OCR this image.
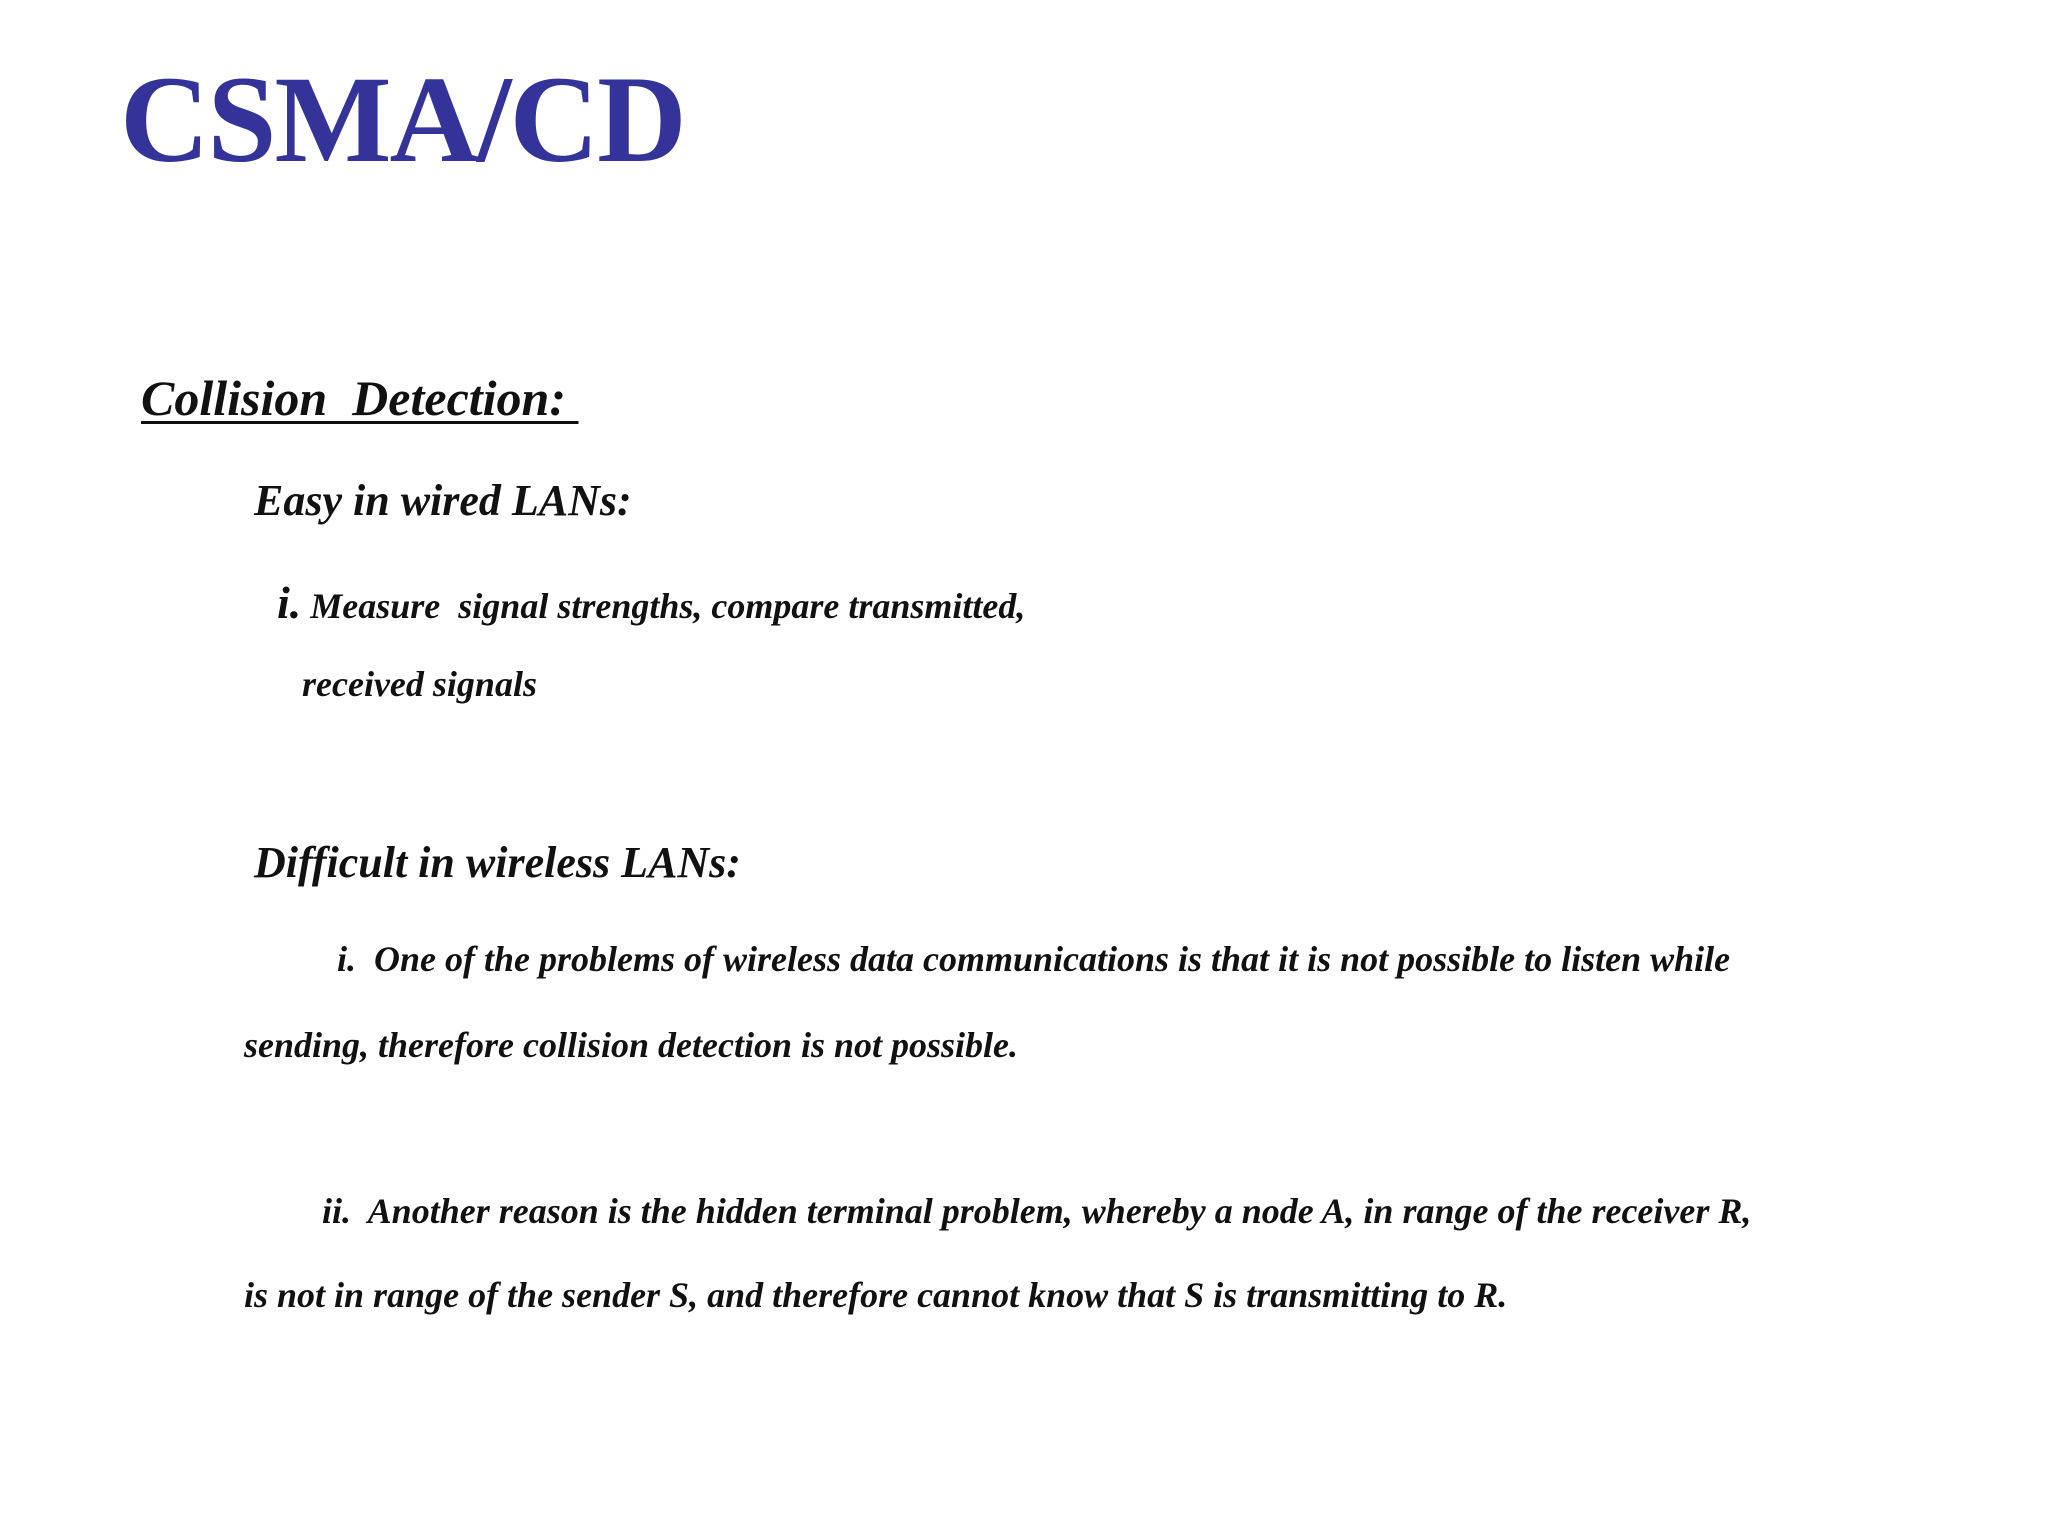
CSMA/CD
Collision  Detection:
Easy in wired LANs:

i. Measure  signal strengths, compare transmitted,

received signals

Difficult in wireless LANs:

i.  One of the problems of wireless data communications is that it is not possible to listen while

sending, therefore collision detection is not possible.

ii.  Another reason is the hidden terminal problem, whereby a node A, in range of the receiver R,

is not in range of the sender S, and therefore cannot know that S is transmitting to R.
